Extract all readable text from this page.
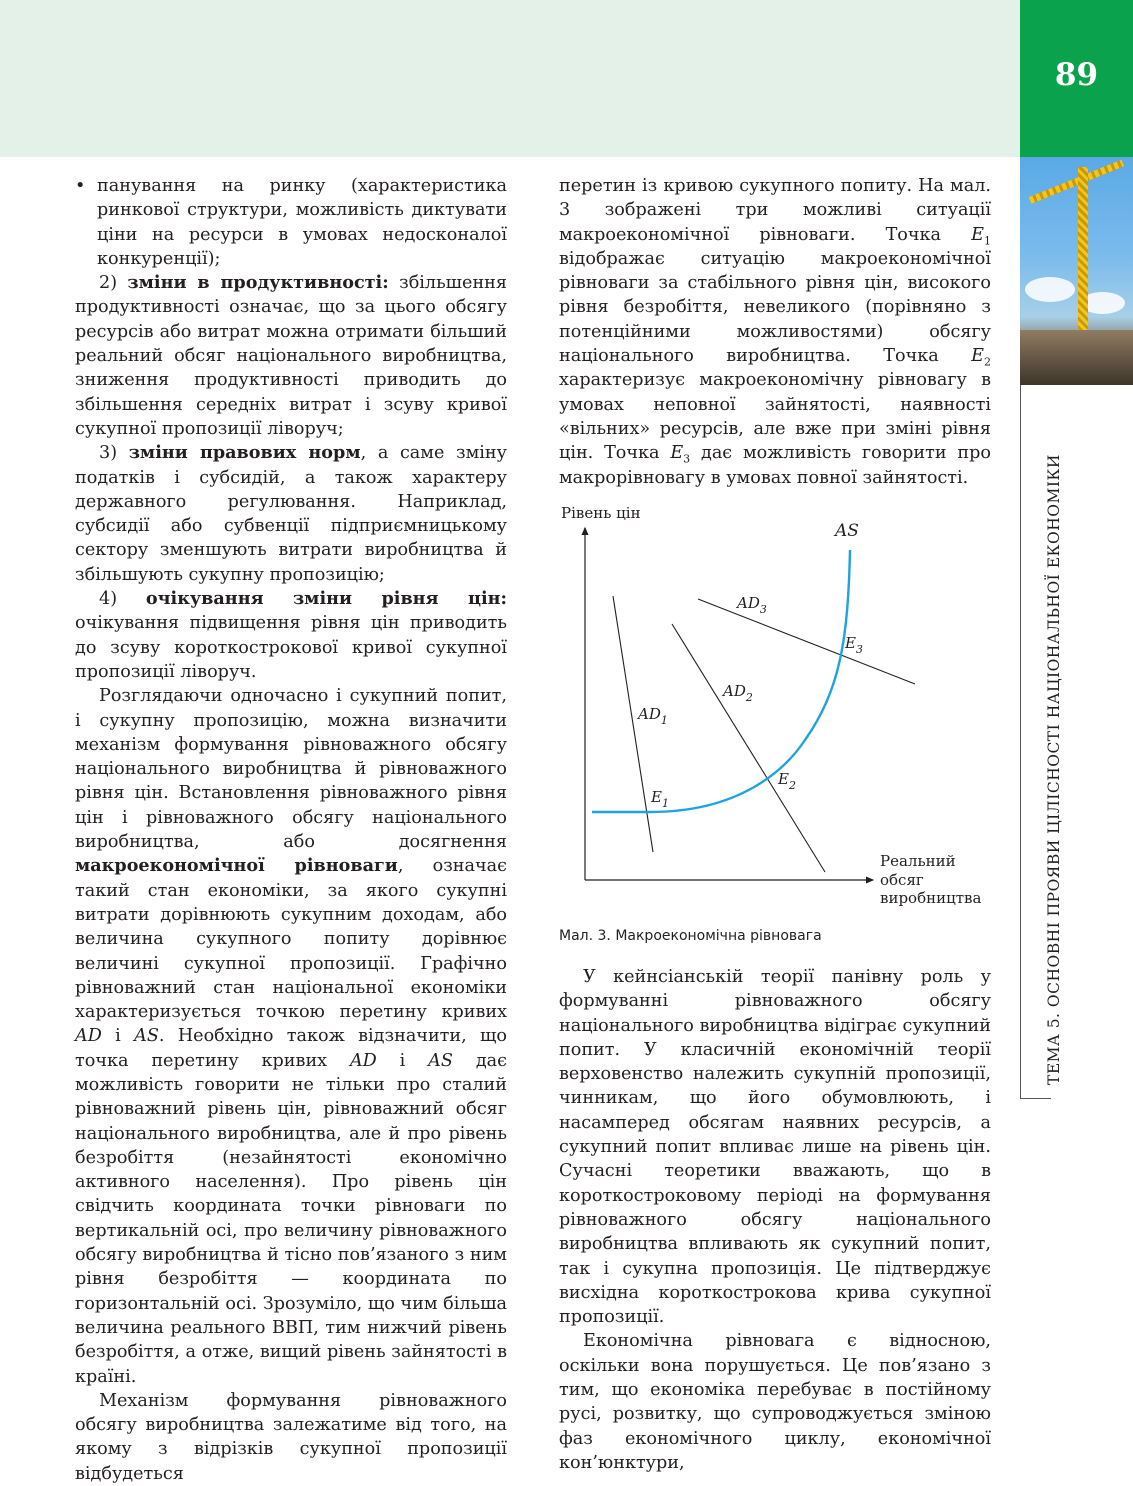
89
ТЕМА 5. ОСНОВНІ ПРОЯВИ ЦІЛІСНОСТІ НАЦІОНАЛЬНОЇ ЕКОНОМІКИ

• панування на ринку (характеристика ринкової структури, можливість диктувати ціни на ресурси в умовах недосконалої конкуренції);

2) зміни в продуктивності: збільшення продуктивності означає, що за цього обсягу ресурсів або витрат можна отримати більший реальний обсяг національного виробництва, зниження продуктивності приводить до збільшення середніх витрат і зсуву кривої сукупної пропозиції ліворуч;

3) зміни правових норм, а саме зміну податків і субсидій, а також характеру державного регулювання. Наприклад, субсидії або субвенції підприємницькому сектору зменшують витрати виробництва й збільшують сукупну пропозицію;

4) очікування зміни рівня цін: очікування підвищення рівня цін приводить до зсуву короткострокової кривої сукупної пропозиції ліворуч.

Розглядаючи одночасно і сукупний попит, і сукупну пропозицію, можна визначити механізм формування рівноважного обсягу національного виробництва й рівноважного рівня цін. Встановлення рівноважного рівня цін і рівноважного обсягу національного виробництва, або досягнення макроекономічної рівноваги, означає такий стан економіки, за якого сукупні витрати дорівнюють сукупним доходам, або величина сукупного попиту дорівнює величині сукупної пропозиції. Графічно рівноважний стан національної економіки характеризується точкою перетину кривих AD і AS. Необхідно також відзначити, що точка перетину кривих AD і AS дає можливість говорити не тільки про сталий рівноважний рівень цін, рівноважний обсяг національного виробництва, але й про рівень безробіття (незайнятості економічно активного населення). Про рівень цін свідчить координата точки рівноваги по вертикальній осі, про величину рівноважного обсягу виробництва й тісно пов’язаного з ним рівня безробіття — координата по горизонтальній осі. Зрозуміло, що чим більша величина реального ВВП, тим нижчий рівень безробіття, а отже, вищий рівень зайнятості в країні.

Механізм формування рівноважного обсягу виробництва залежатиме від того, на якому з відрізків сукупної пропозиції відбудеться

перетин із кривою сукупного попиту. На мал. 3 зображені три можливі ситуації макроекономічної рівноваги. Точка $E_1$ відображає ситуацію макроекономічної рівноваги за стабільного рівня цін, високого рівня безробіття, невеликого (порівняно з потенційними можливостями) обсягу національного виробництва. Точка $E_2$ характеризує макроекономічну рівновагу в умовах неповної зайнятості, наявності «вільних» ресурсів, але вже при зміні рівня цін. Точка $E_3$ дає можливість говорити про макрорівновагу в умовах повної зайнятості.

Рівень цін
Реальний
обсяг
виробництва
AS
$AD_3$
$AD_2$
$AD_1$
$E_3$
$E_2$
$E_1$
Мал. 3. Макроекономічна рівновага

У кейнсіанській теорії панівну роль у формуванні рівноважного обсягу національного виробництва відіграє сукупний попит. У класичній економічній теорії верховенство належить сукупній пропозиції, чинникам, що його обумовлюють, і насамперед обсягам наявних ресурсів, а сукупний попит впливає лише на рівень цін. Сучасні теоретики вважають, що в короткостроковому періоді на формування рівноважного обсягу національного виробництва впливають як сукупний попит, так і сукупна пропозиція. Це підтверджує висхідна короткострокова крива сукупної пропозиції.

Економічна рівновага є відносною, оскільки вона порушується. Це пов’язано з тим, що економіка перебуває в постійному русі, розвитку, що супроводжується зміною фаз економічного циклу, економічної кон’юнктури,
